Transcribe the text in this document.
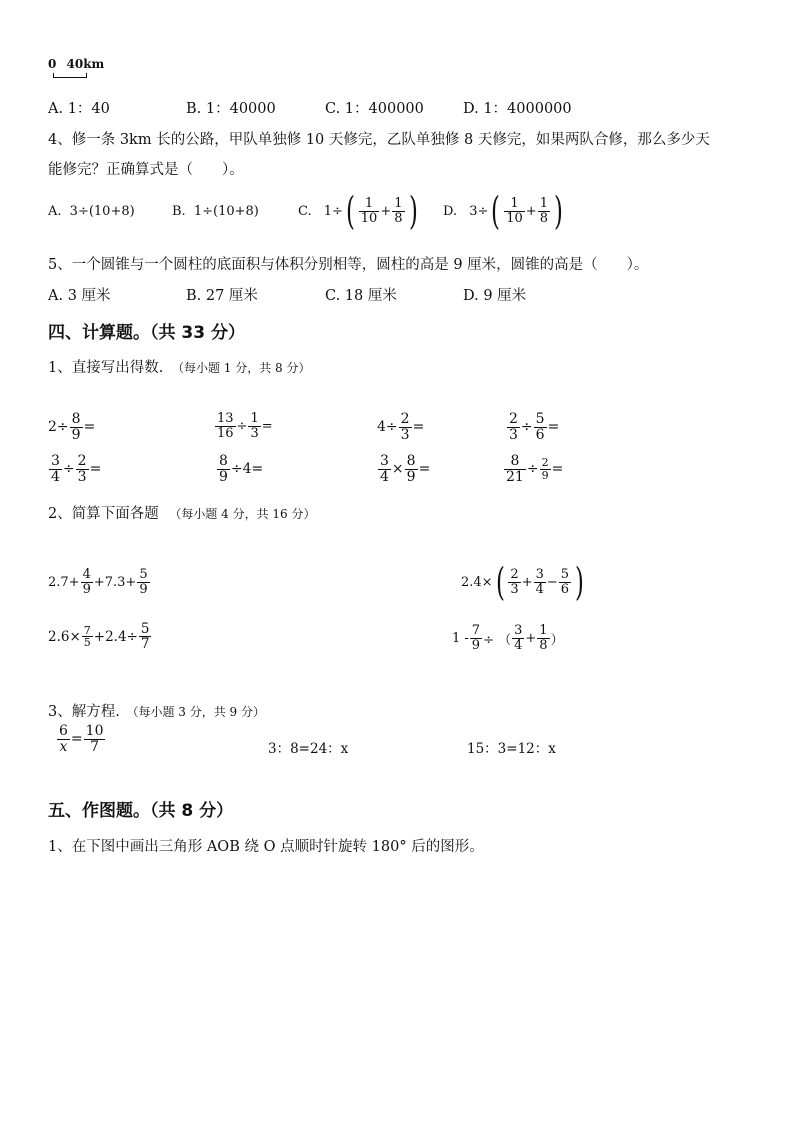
0 40km
A. 1：40	B. 1：40000	C. 1：400000	D. 1：4000000
4、修一条 3km 长的公路，甲队单独修 10 天修完，乙队单独修 8 天修完，如果两队合修，那么多少天
能修完？正确算式是（　　）。
A. 3÷(10+8)	B. 1÷(10+8)	C. $1\div( \frac{1}{10} + \frac{1}{8}$ ) D. $3\div( \frac{1}{10} + \frac{1}{8}$ )
5、一个圆锥与一个圆柱的底面积与体积分别相等，圆柱的高是 9 厘米，圆锥的高是（　　）。
A. 3 厘米	B. 27 厘米	C. 18 厘米	D. 9 厘米
四、计算题。（共 33 分）
1、直接写出得数. （每小题 1 分，共 8 分）
$2\div \frac{8}{9}$ =	$\frac{13}{16} \div \frac{1}{3}$ =	$4\div \frac{2}{3}$ =	$\frac{2}{3} \div \frac{5}{6}$ =
$\frac{3}{4} \div \frac{2}{3}$ =	$\frac{8}{9} \div 4=$	$\frac{3}{4} \times \frac{8}{9}$ =	$\frac{8}{21} \div \frac{2}{9}$ =
2、简算下面各题 （每小题 4 分，共 16 分）
$2.7+ \frac{4}{9} +7.3+ \frac{5}{9}$	$2.4\times( \frac{2}{3} + \frac{3}{4} - \frac{5}{6}$ )
$2.6\times \frac{7}{5} +2.4\div \frac{5}{7}$	$1 - \frac{7}{9}$ ÷ （ $\frac{3}{4} + \frac{1}{8}$ ）
3、解方程. （每小题 3 分，共 9 分）
$\frac{6}{x} = \frac{10}{7}$	3：8=24：x	15：3=12：x
五、作图题。（共 8 分）
1、在下图中画出三角形 AOB 绕 O 点顺时针旋转 180° 后的图形。
